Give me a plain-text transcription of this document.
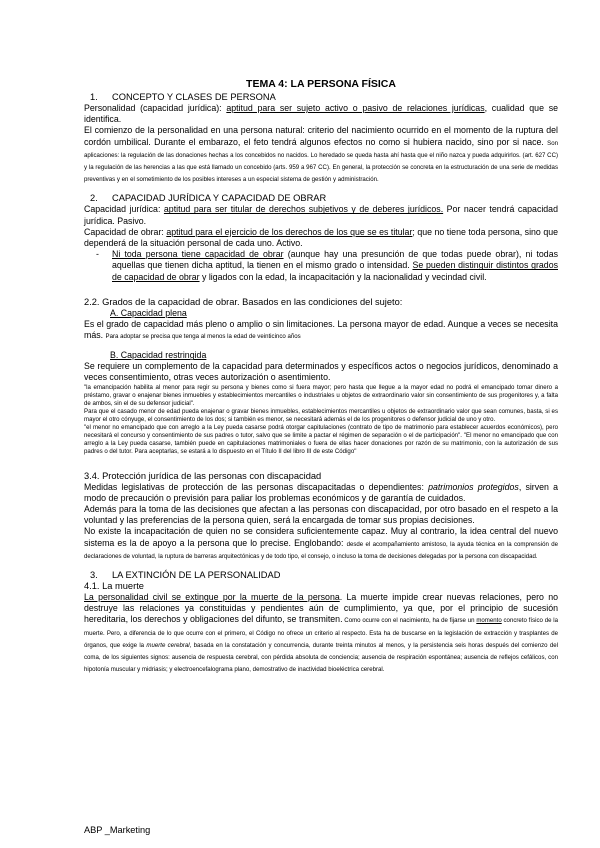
TEMA 4: LA PERSONA FÍSICA
1. CONCEPTO Y CLASES DE PERSONA

Personalidad (capacidad jurídica): aptitud para ser sujeto activo o pasivo de relaciones jurídicas, cualidad que se identifica.

El comienzo de la personalidad en una persona natural: criterio del nacimiento ocurrido en el momento de la ruptura del cordón umbilical. Durante el embarazo, el feto tendrá algunos efectos no como si hubiera nacido, sino por si nace. Son aplicaciones: la regulación de las donaciones hechas a los concebidos no nacidos. Lo heredado se queda hasta ahí hasta que el niño nazca y pueda adquirirlos. (art. 627 CC) y la regulación de las herencias a las que está llamado un concebido (arts. 959 a 967 CC). En general, la protección se concreta en la estructuración de una serie de medidas preventivas y en el sometimiento de los posibles intereses a un especial sistema de gestión y administración.

2. CAPACIDAD JURÍDICA Y CAPACIDAD DE OBRAR

Capacidad jurídica: aptitud para ser titular de derechos subjetivos y de deberes jurídicos. Por nacer tendrá capacidad jurídica. Pasivo.

Capacidad de obrar: aptitud para el ejercicio de los derechos de los que se es titular; que no tiene toda persona, sino que dependerá de la situación personal de cada uno. Activo.

- Ni toda persona tiene capacidad de obrar (aunque hay una presunción de que todas puede obrar), ni todas aquellas que tienen dicha aptitud, la tienen en el mismo grado o intensidad. Se pueden distinguir distintos grados de capacidad de obrar y ligados con la edad, la incapacitación y la nacionalidad y vecindad civil.
2.2. Grados de la capacidad de obrar. Basados en las condiciones del sujeto:
A. Capacidad plena

Es el grado de capacidad más pleno o amplio o sin limitaciones. La persona mayor de edad. Aunque a veces se necesita más. Para adoptar se precisa que tenga al menos la edad de veinticinco años

B. Capacidad restringida

Se requiere un complemento de la capacidad para determinados y específicos actos o negocios jurídicos, denominado a veces consentimiento, otras veces autorización o asentimiento.

"la emancipación habilita al menor para regir su persona y bienes como si fuera mayor; pero hasta que llegue a la mayor edad no podrá el emancipado tomar dinero a préstamo, gravar o enajenar bienes inmuebles y establecimientos mercantiles o industriales u objetos de extraordinario valor sin consentimiento de sus progenitores y, a falta de ambos, sin el de su defensor judicial".

Para que el casado menor de edad pueda enajenar o gravar bienes inmuebles, establecimientos mercantiles u objetos de extraordinario valor que sean comunes, basta, si es mayor el otro cónyuge, el consentimiento de los dos; si también es menor, se necesitará además el de los progenitores o defensor judicial de uno y otro.

"el menor no emancipado que con arreglo a la Ley pueda casarse podrá otorgar capitulaciones (contrato de tipo de matrimonio para establecer acuerdos económicos), pero necesitará el concurso y consentimiento de sus padres o tutor, salvo que se limite a pactar el régimen de separación o el de participación". "El menor no emancipado que con arreglo a la Ley pueda casarse, también puede en capitulaciones matrimoniales o fuera de ellas hacer donaciones por razón de su matrimonio, con la autorización de sus padres o del tutor. Para aceptarlas, se estará a lo dispuesto en el Título II del libro III de este Código"

3.4. Protección jurídica de las personas con discapacidad

Medidas legislativas de protección de las personas discapacitadas o dependientes: patrimonios protegidos, sirven a modo de precaución o previsión para paliar los problemas económicos y de garantía de cuidados.

Además para la toma de las decisiones que afectan a las personas con discapacidad, por otro basado en el respeto a la voluntad y las preferencias de la persona quien, será la encargada de tomar sus propias decisiones.

No existe la incapacitación de quien no se considera suficientemente capaz. Muy al contrario, la idea central del nuevo sistema es la de apoyo a la persona que lo precise. Englobando: desde el acompañamiento amistoso, la ayuda técnica en la comprensión de declaraciones de voluntad, la ruptura de barreras arquitectónicas y de todo tipo, el consejo, o incluso la toma de decisiones delegadas por la persona con discapacidad.

3. LA EXTINCIÓN DE LA PERSONALIDAD
4.1. La muerte

La personalidad civil se extingue por la muerte de la persona. La muerte impide crear nuevas relaciones, pero no destruye las relaciones ya constituidas y pendientes aún de cumplimiento, ya que, por el principio de sucesión hereditaria, los derechos y obligaciones del difunto, se transmiten. Como ocurre con el nacimiento, ha de fijarse un momento concreto físico de la muerte. Pero, a diferencia de lo que ocurre con el primero, el Código no ofrece un criterio al respecto. Esta ha de buscarse en la legislación de extracción y trasplantes de órganos, que exige la muerte cerebral, basada en la constatación y concurrencia, durante treinta minutos al menos, y la persistencia seis horas después del comienzo del coma, de los siguientes signos: ausencia de respuesta cerebral, con pérdida absoluta de conciencia; ausencia de respiración espontánea; ausencia de reflejos cefálicos, con hipotonía muscular y midriasis; y electroencefalograma plano, demostrativo de inactividad bioeléctrica cerebral.

ABP _Marketing
